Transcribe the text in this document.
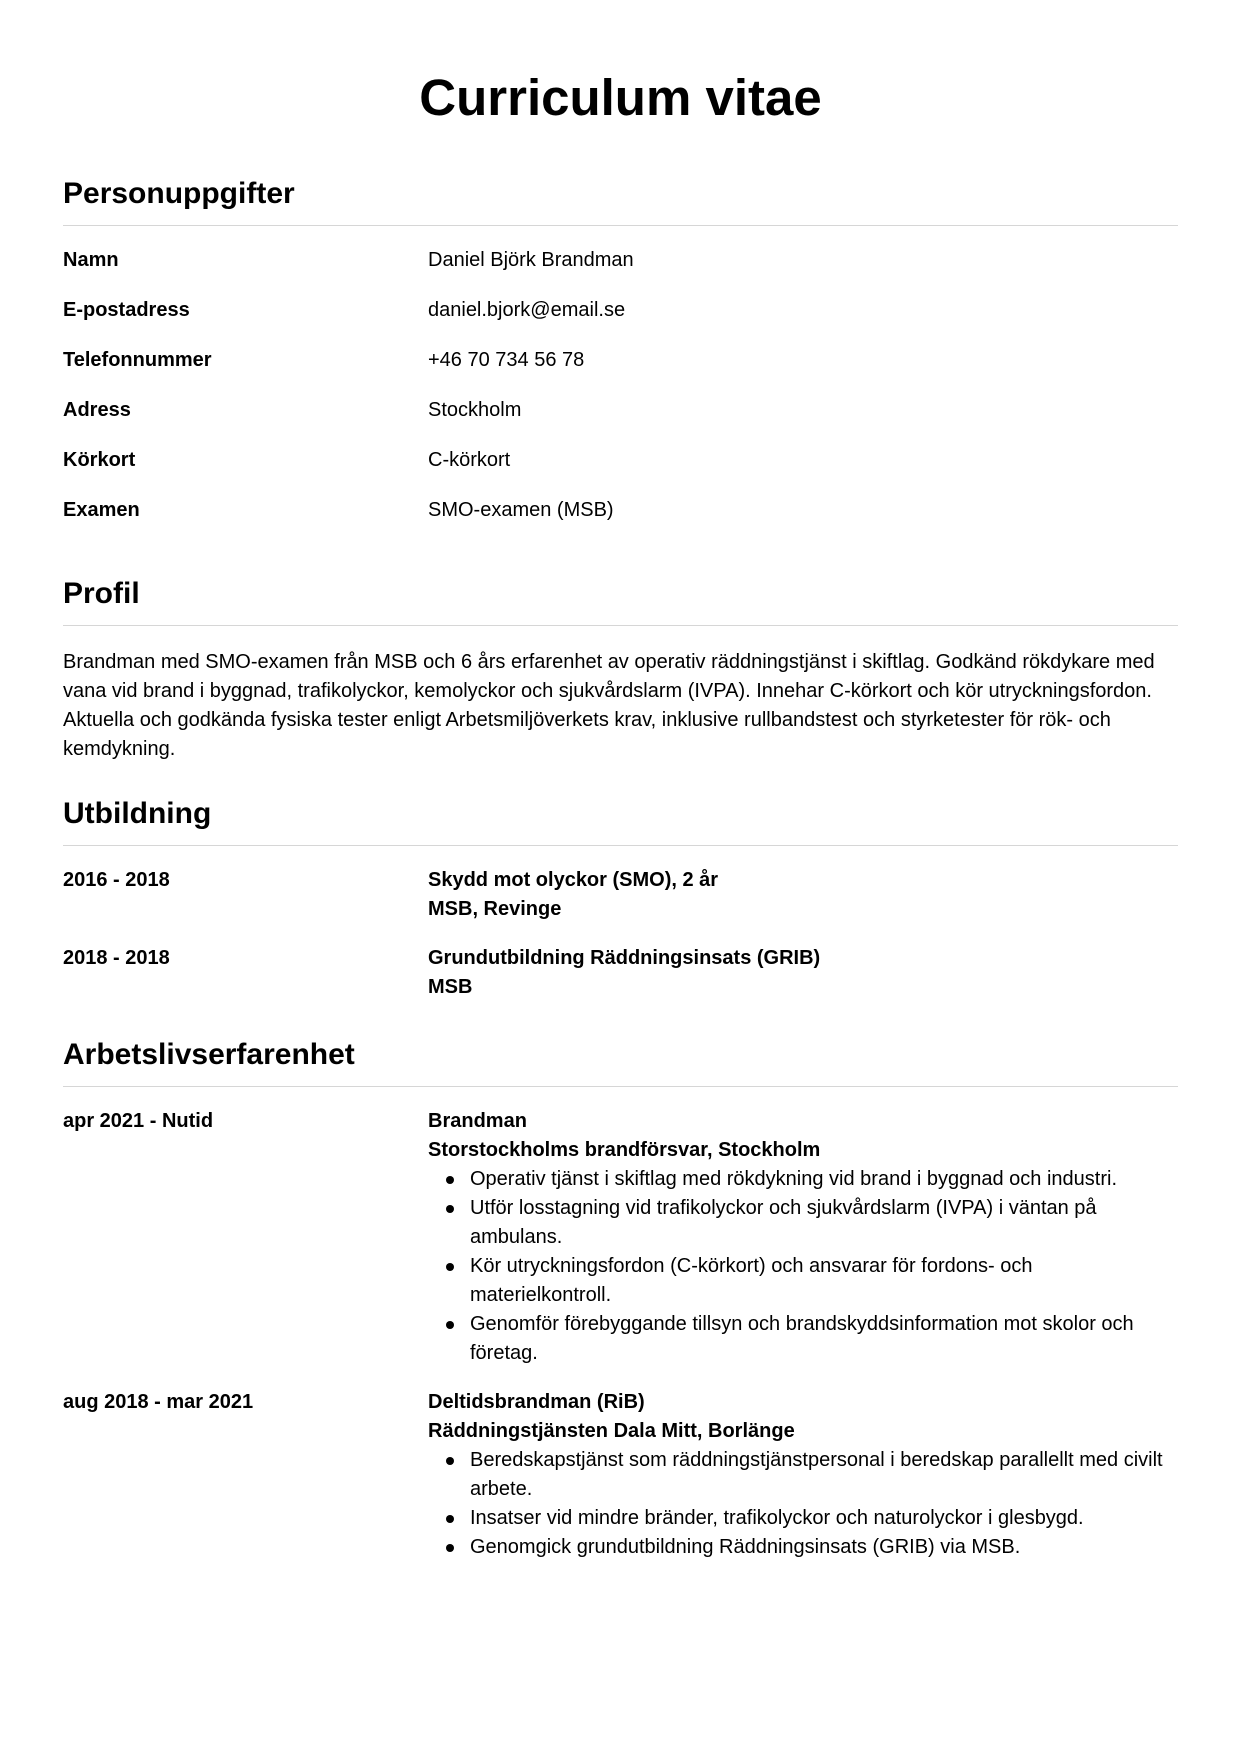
Curriculum vitae
Personuppgifter
Namn	Daniel Björk Brandman
E-postadress	daniel.bjork@email.se
Telefonnummer	+46 70 734 56 78
Adress	Stockholm
Körkort	C-körkort
Examen	SMO-examen (MSB)
Profil

Brandman med SMO-examen från MSB och 6 års erfarenhet av operativ räddningstjänst i skiftlag. Godkänd rökdykare med vana vid brand i byggnad, trafikolyckor, kemolyckor och sjukvårdslarm (IVPA). Innehar C-körkort och kör utryckningsfordon. Aktuella och godkända fysiska tester enligt Arbetsmiljöverkets krav, inklusive rullbandstest och styrketester för rök- och kemdykning.

Utbildning
2016 - 2018	Skydd mot olyckor (SMO), 2 år
MSB, Revinge
2018 - 2018	Grundutbildning Räddningsinsats (GRIB)
MSB
Arbetslivserfarenhet
apr 2021 - Nutid	Brandman
Storstockholms brandförsvar, Stockholm
Operativ tjänst i skiftlag med rökdykning vid brand i byggnad och industri.
Utför losstagning vid trafikolyckor och sjukvårdslarm (IVPA) i väntan på ambulans.
Kör utryckningsfordon (C-körkort) och ansvarar för fordons- och materielkontroll.
Genomför förebyggande tillsyn och brandskyddsinformation mot skolor och företag.
aug 2018 - mar 2021	Deltidsbrandman (RiB)
Räddningstjänsten Dala Mitt, Borlänge
Beredskapstjänst som räddningstjänstpersonal i beredskap parallellt med civilt arbete.
Insatser vid mindre bränder, trafikolyckor och naturolyckor i glesbygd.
Genomgick grundutbildning Räddningsinsats (GRIB) via MSB.
